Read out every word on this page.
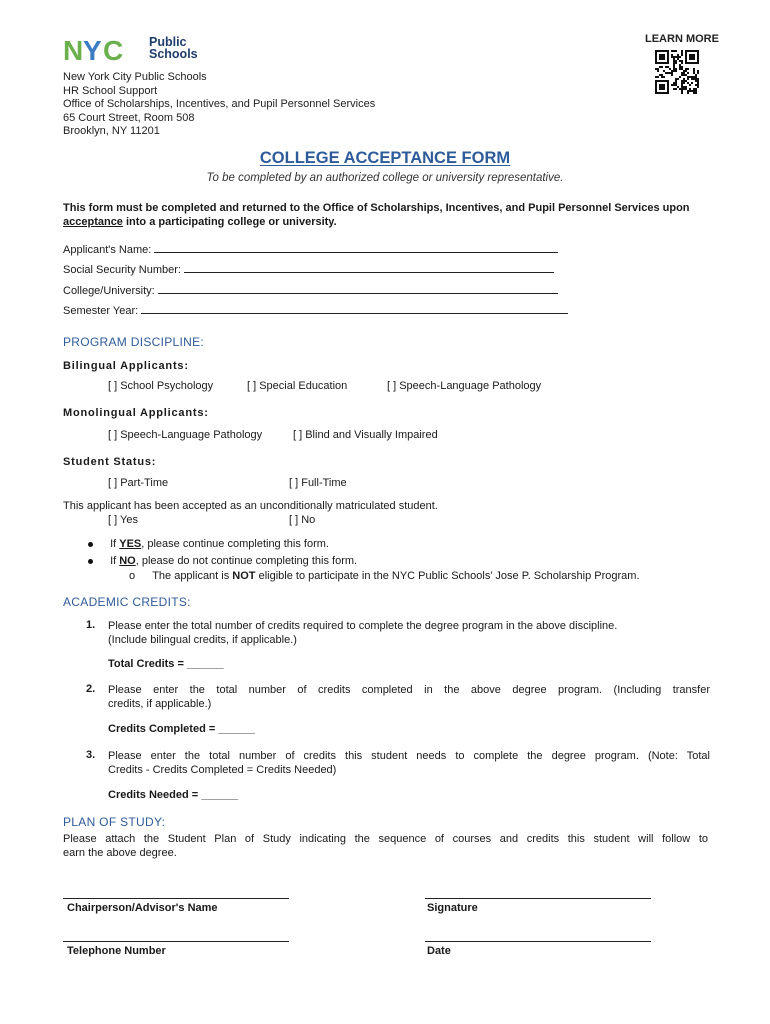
N Y C Public
Schools
LEARN MORE
New York City Public Schools
HR School Support
Office of Scholarships, Incentives, and Pupil Personnel Services
65 Court Street, Room 508
Brooklyn, NY 11201
COLLEGE ACCEPTANCE FORM
To be completed by an authorized college or university representative.
This form must be completed and returned to the Office of Scholarships, Incentives, and Pupil Personnel Services upon acceptance into a participating college or university.
Applicant's Name:
Social Security Number:
College/University:
Semester Year:
PROGRAM DISCIPLINE:
Bilingual Applicants:
[ ] School Psychology	[ ] Special Education	[ ] Speech-Language Pathology
Monolingual Applicants:
[ ] Speech-Language Pathology	[ ] Blind and Visually Impaired
Student Status:
[ ] Part-Time	[ ] Full-Time
This applicant has been accepted as an unconditionally matriculated student.
[ ] Yes	[ ] No
If YES, please continue completing this form.
If NO, please do not continue completing this form.
o The applicant is NOT eligible to participate in the NYC Public Schools’ Jose P. Scholarship Program.
ACADEMIC CREDITS:
1. Please enter the total number of credits required to complete the degree program in the above discipline.
(Include bilingual credits, if applicable.)
Total Credits = ______
2. Please enter the total number of credits completed in the above degree program. (Including transfer
credits, if applicable.)
Credits Completed = ______
3. Please enter the total number of credits this student needs to complete the degree program. (Note: Total
Credits - Credits Completed = Credits Needed)
Credits Needed = ______
PLAN OF STUDY:
Please attach the Student Plan of Study indicating the sequence of courses and credits this student will follow to
earn the above degree.
Chairperson/Advisor's Name	Signature
Telephone Number	Date
